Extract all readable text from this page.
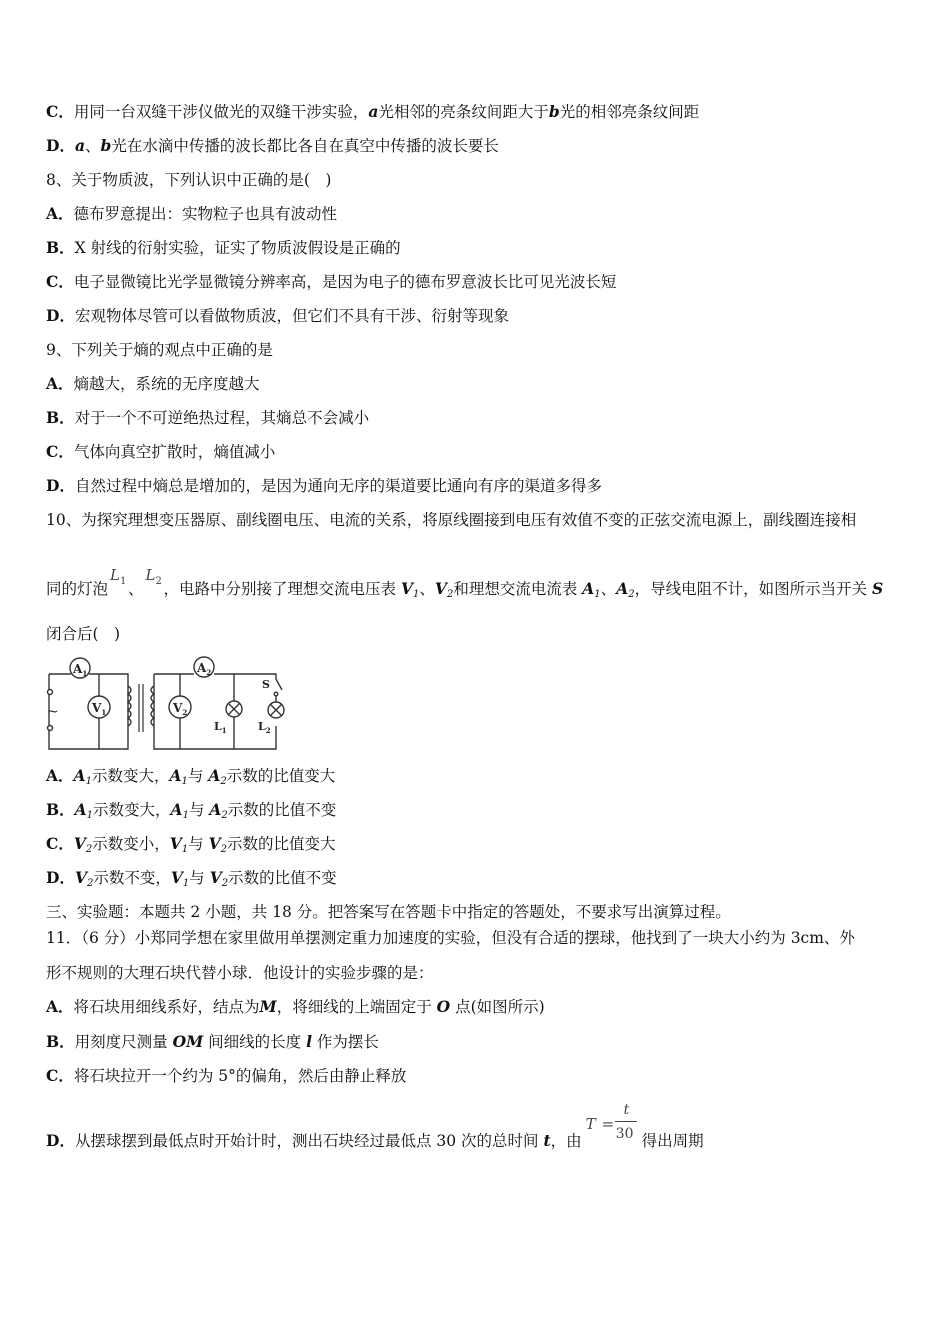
C．用同一台双缝干涉仪做光的双缝干涉实验，a光相邻的亮条纹间距大于b光的相邻亮条纹间距
D．a、b光在水滴中传播的波长都比各自在真空中传播的波长要长
8、关于物质波，下列认识中正确的是(　)
A．德布罗意提出：实物粒子也具有波动性
B．X 射线的衍射实验，证实了物质波假设是正确的
C．电子显微镜比光学显微镜分辨率高，是因为电子的德布罗意波长比可见光波长短
D．宏观物体尽管可以看做物质波，但它们不具有干涉、衍射等现象
9、下列关于熵的观点中正确的是
A．熵越大，系统的无序度越大
B．对于一个不可逆绝热过程，其熵总不会减小
C．气体向真空扩散时，熵值减小
D．自然过程中熵总是增加的，是因为通向无序的渠道要比通向有序的渠道多得多
10、为探究理想变压器原、副线圈电压、电流的关系，将原线圈接到电压有效值不变的正弦交流电源上，副线圈连接相
同的灯泡
L 1 、
L 2 ，电路中分别接了理想交流电压表 $V_1$、$V_2$和理想交流电流表 $A_1$、$A_2$，导线电阻不计，如图所示当开关 S
闭合后(　)
~
$A_1$
$V_1$
$A_2$
$V_2$
$L_1$
S
$L_2$
A．$A_1$示数变大，$A_1$与 $A_2$示数的比值变大
B．$A_1$示数变大，$A_1$与 $A_2$示数的比值不变
C．$V_2$示数变小，$V_1$与 $V_2$示数的比值变大
D．$V_2$示数不变，$V_1$与 $V_2$示数的比值不变
三、实验题：本题共 2 小题，共 18 分。把答案写在答题卡中指定的答题处，不要求写出演算过程。
11．（6 分）小郑同学想在家里做用单摆测定重力加速度的实验，但没有合适的摆球，他找到了一块大小约为 3cm、外
形不规则的大理石块代替小球．他设计的实验步骤的是：
A．将石块用细线系好，结点为M，将细线的上端固定于 O 点(如图所示)
B．用刻度尺测量 OM 间细线的长度 l 作为摆长
C．将石块拉开一个约为 5°的偏角，然后由静止释放
D．从摆球摆到最低点时开始计时，测出石块经过最低点 30 次的总时间 t，由
T =
t
30 得出周期
